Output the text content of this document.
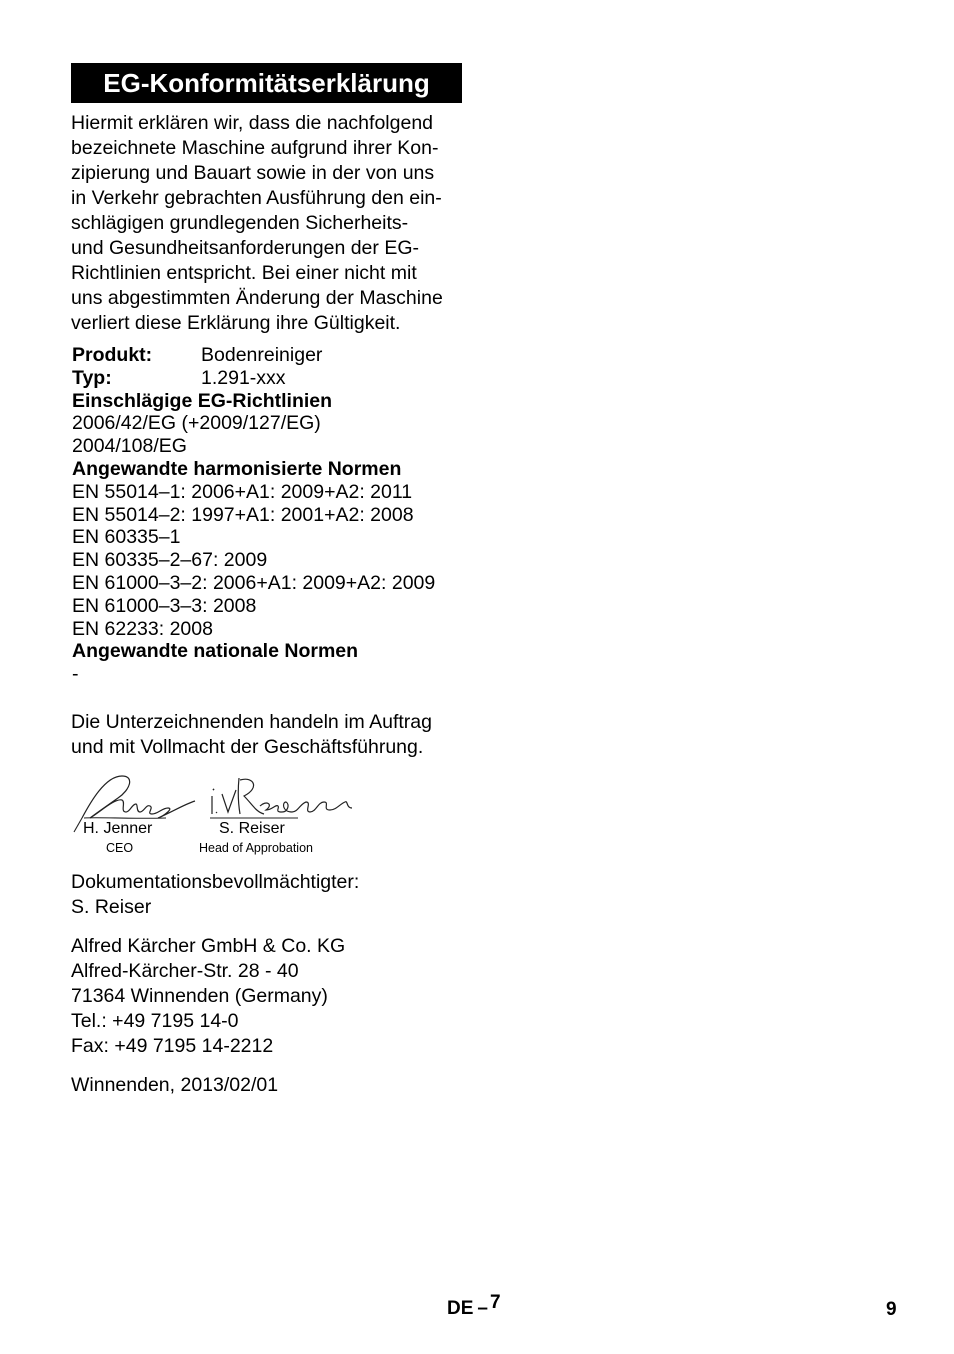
EG-Konformitätserklärung
Hiermit erklären wir, dass die nachfolgend
bezeichnete Maschine aufgrund ihrer Kon-
zipierung und Bauart sowie in der von uns
in Verkehr gebrachten Ausführung den ein-
schlägigen grundlegenden Sicherheits-
und Gesundheitsanforderungen der EG-
Richtlinien entspricht. Bei einer nicht mit
uns abgestimmten Änderung der Maschine
verliert diese Erklärung ihre Gültigkeit.
Produkt:	Bodenreiniger
Typ:	1.291-xxx
Einschlägige EG-Richtlinien
2006/42/EG (+2009/127/EG)
2004/108/EG
Angewandte harmonisierte Normen
EN 55014–1: 2006+A1: 2009+A2: 2011
EN 55014–2: 1997+A1: 2001+A2: 2008
EN 60335–1
EN 60335–2–67: 2009
EN 61000–3–2: 2006+A1: 2009+A2: 2009
EN 61000–3–3: 2008
EN 62233: 2008
Angewandte nationale Normen
-
Die Unterzeichnenden handeln im Auftrag
und mit Vollmacht der Geschäftsführung.
H. Jenner
CEO
S. Reiser
Head of Approbation
Dokumentationsbevollmächtigter:
S. Reiser
Alfred Kärcher GmbH & Co. KG
Alfred-Kärcher-Str. 28 - 40
71364 Winnenden (Germany)
Tel.: +49 7195 14-0
Fax: +49 7195 14-2212
Winnenden, 2013/02/01
DE – 7	9
